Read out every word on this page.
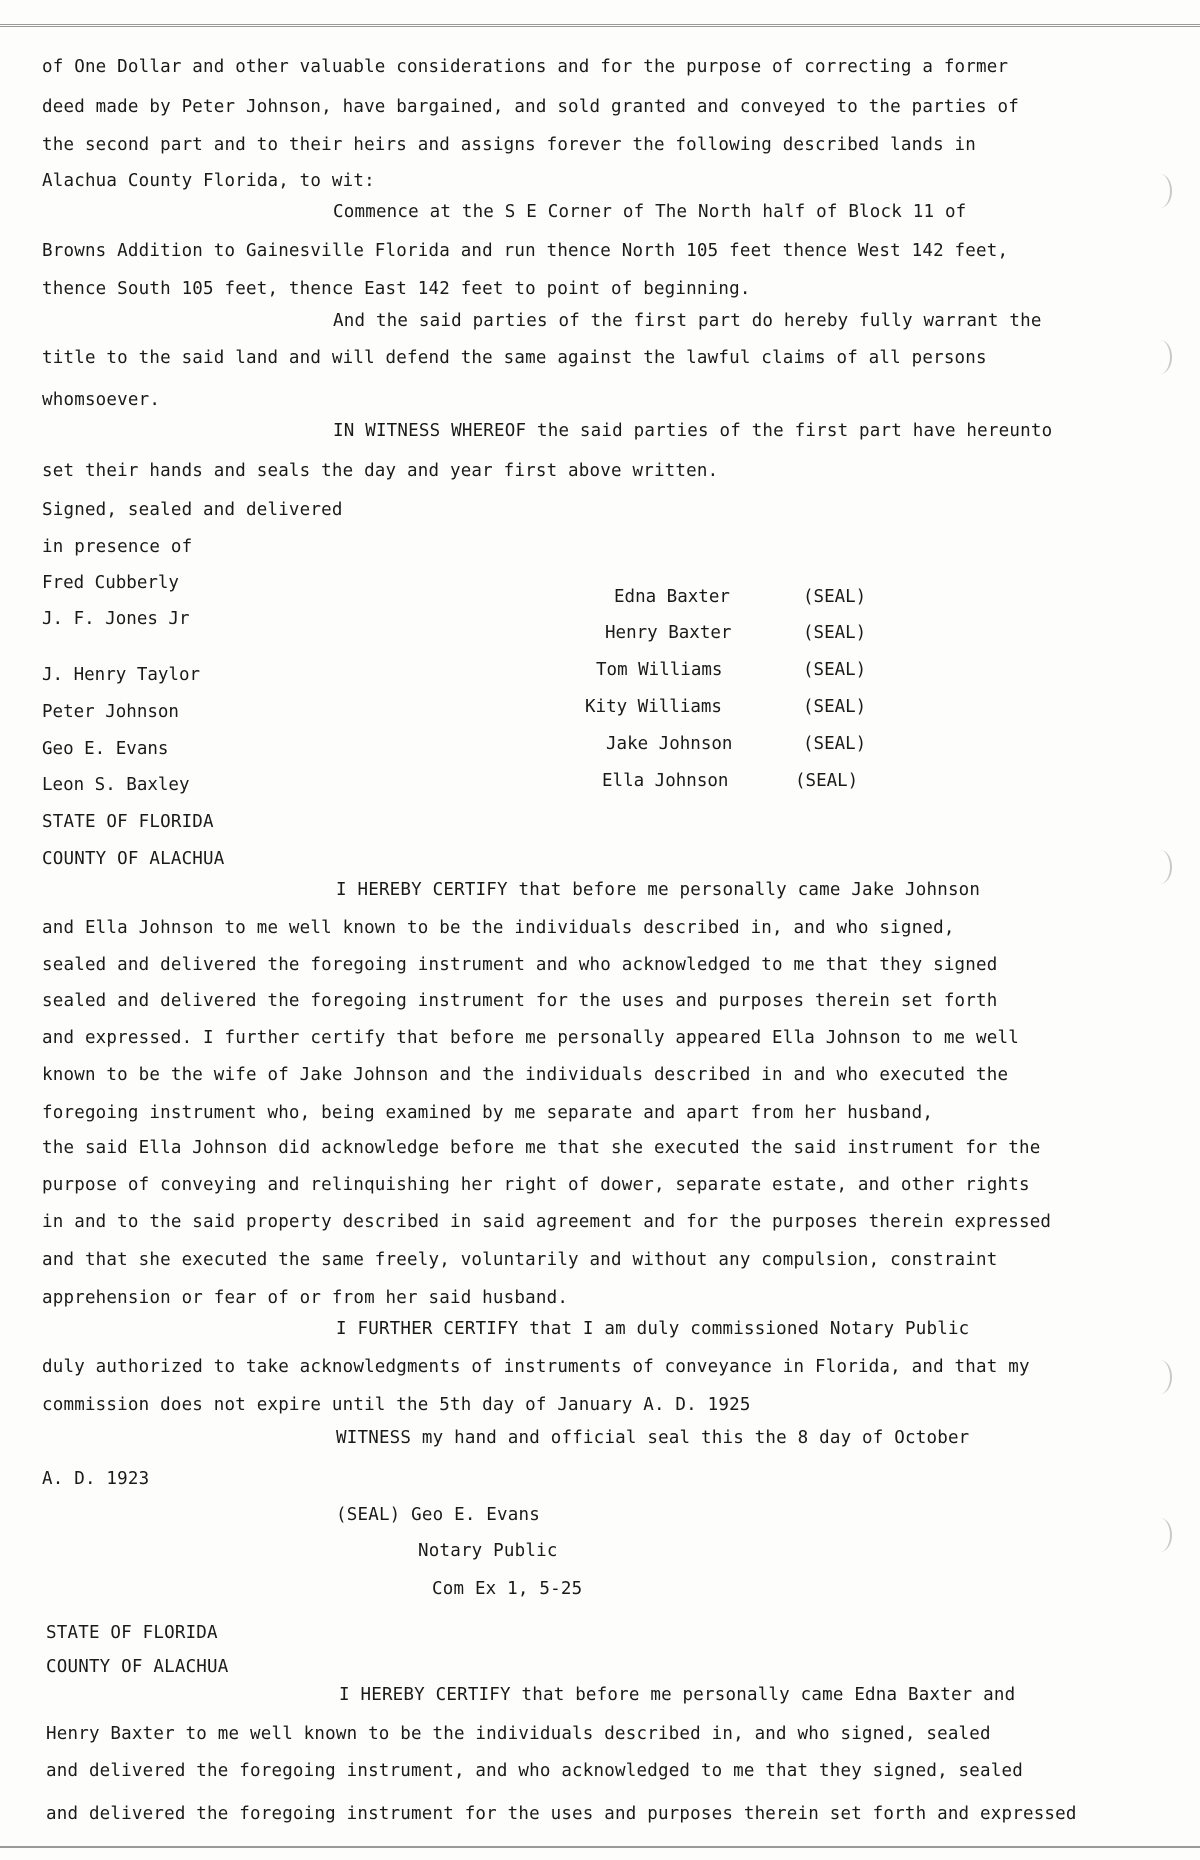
of One Dollar and other valuable considerations and for the purpose of correcting a former
deed made by Peter Johnson, have bargained, and sold granted and conveyed to the parties of
the second part and to their heirs and assigns forever the following described lands in
Alachua County Florida, to wit:
Commence at the S E Corner of The North half of Block 11 of
Browns Addition to Gainesville Florida and run thence North 105 feet thence West 142 feet,
thence South 105 feet, thence East 142 feet to point of beginning.
And the said parties of the first part do hereby fully warrant the
title to the said land and will defend the same against the lawful claims of all persons
whomsoever.
IN WITNESS WHEREOF the said parties of the first part have hereunto
set their hands and seals the day and year first above written.
Signed, sealed and delivered
in presence of
Fred Cubberly
J. F. Jones Jr
J. Henry Taylor
Peter Johnson
Geo E. Evans
Leon S. Baxley
Edna Baxter	(SEAL)
Henry Baxter	(SEAL)
Tom Williams	(SEAL)
Kity Williams	(SEAL)
Jake Johnson	(SEAL)
Ella Johnson	(SEAL)
STATE OF FLORIDA
COUNTY OF ALACHUA
I HEREBY CERTIFY that before me personally came Jake Johnson
and Ella Johnson to me well known to be the individuals described in, and who signed,
sealed and delivered the foregoing instrument and who acknowledged to me that they signed
sealed and delivered the foregoing instrument for the uses and purposes therein set forth
and expressed. I further certify that before me personally appeared Ella Johnson to me well
known to be the wife of Jake Johnson and the individuals described in and who executed the
foregoing instrument who, being examined by me separate and apart from her husband,
the said Ella Johnson did acknowledge before me that she executed the said instrument for the
purpose of conveying and relinquishing her right of dower, separate estate, and other rights
in and to the said property described in said agreement and for the purposes therein expressed
and that she executed the same freely, voluntarily and without any compulsion, constraint
apprehension or fear of or from her said husband.
I FURTHER CERTIFY that I am duly commissioned Notary Public
duly authorized to take acknowledgments of instruments of conveyance in Florida, and that my
commission does not expire until the 5th day of January A. D. 1925
WITNESS my hand and official seal this the 8 day of October
A. D. 1923
(SEAL) Geo E. Evans
Notary Public
Com Ex 1, 5-25
STATE OF FLORIDA
COUNTY OF ALACHUA
I HEREBY CERTIFY that before me personally came Edna Baxter and
Henry Baxter to me well known to be the individuals described in, and who signed, sealed
and delivered the foregoing instrument, and who acknowledged to me that they signed, sealed
and delivered the foregoing instrument for the uses and purposes therein set forth and expressed
